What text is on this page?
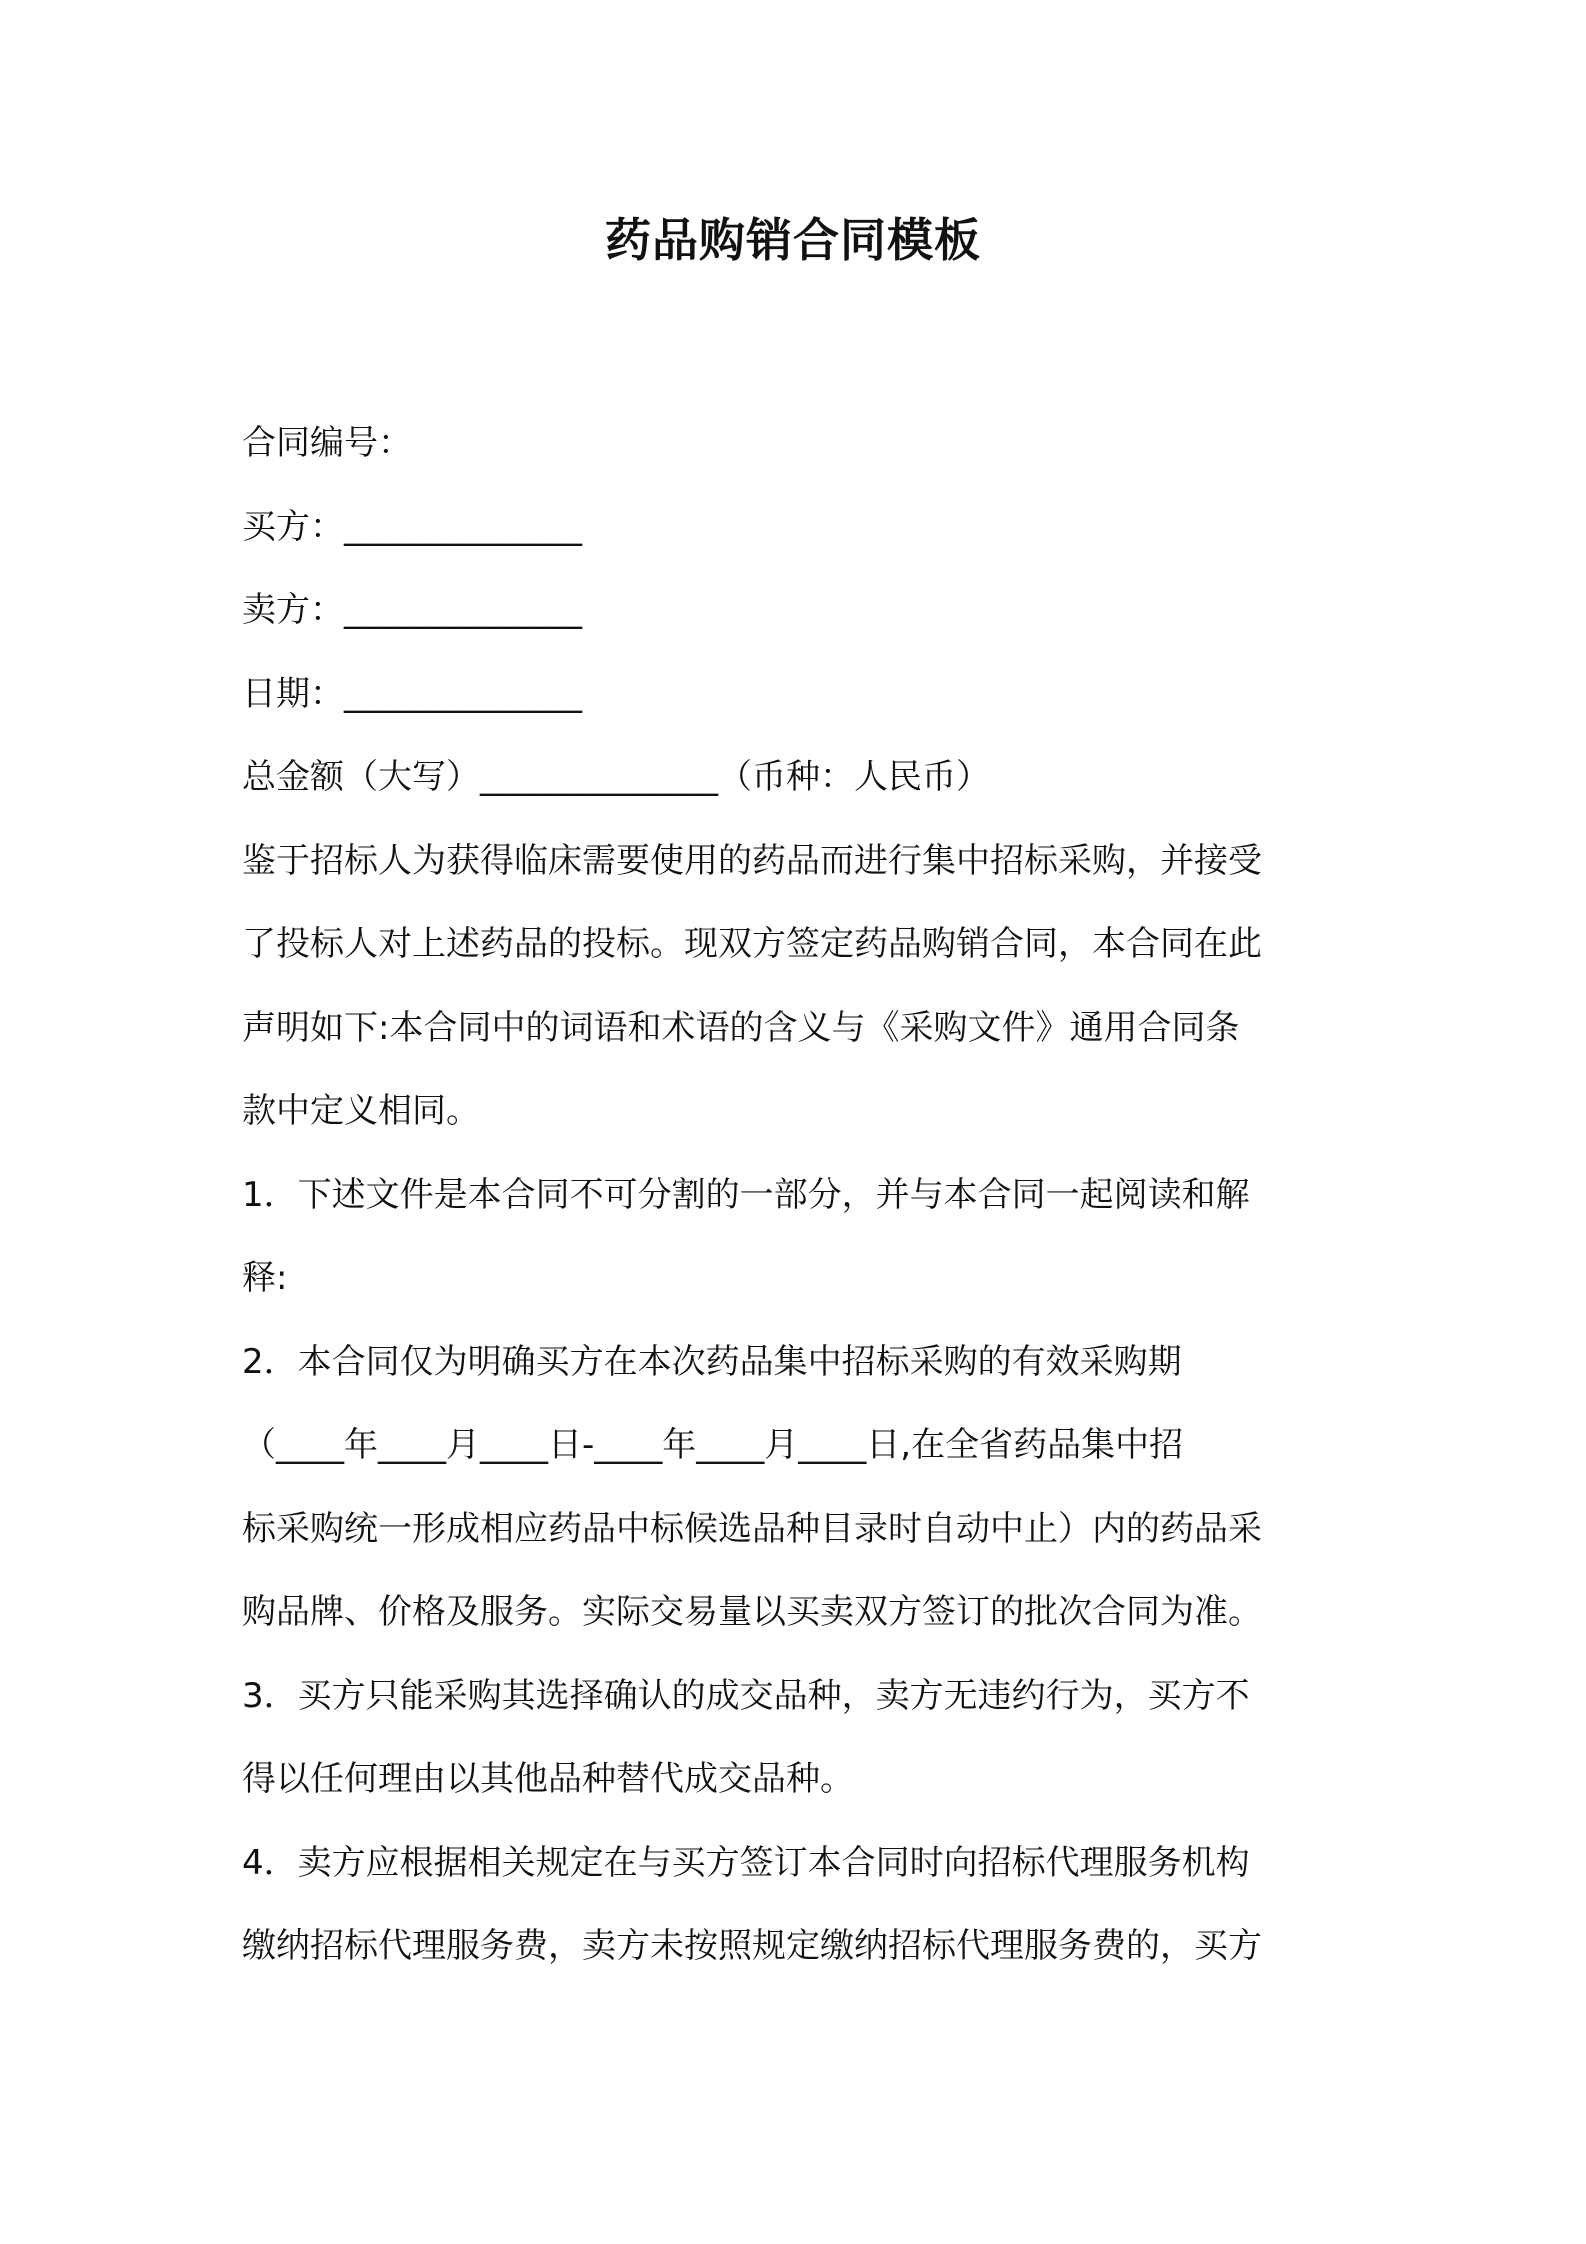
药品购销合同模板

合同编号：

买方：______________

卖方：______________

日期：______________

总金额（大写）______________（币种：人民币）

鉴于招标人为获得临床需要使用的药品而进行集中招标采购，并接受

了投标人对上述药品的投标。现双方签定药品购销合同，本合同在此

声明如下:本合同中的词语和术语的含义与《采购文件》通用合同条

款中定义相同。

1．下述文件是本合同不可分割的一部分，并与本合同一起阅读和解

释:

2．本合同仅为明确买方在本次药品集中招标采购的有效采购期

（____年____月____日-____年____月____日,在全省药品集中招

标采购统一形成相应药品中标候选品种目录时自动中止）内的药品采

购品牌、价格及服务。实际交易量以买卖双方签订的批次合同为准。

3．买方只能采购其选择确认的成交品种，卖方无违约行为，买方不

得以任何理由以其他品种替代成交品种。

4．卖方应根据相关规定在与买方签订本合同时向招标代理服务机构

缴纳招标代理服务费，卖方未按照规定缴纳招标代理服务费的，买方
